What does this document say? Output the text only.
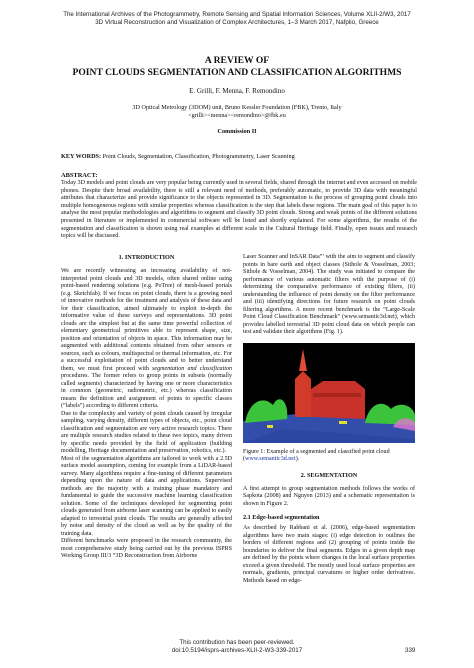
The International Archives of the Photogrammetry, Remote Sensing and Spatial Information Sciences, Volume XLII-2/W3, 2017
3D Virtual Reconstruction and Visualization of Complex Architectures, 1–3 March 2017, Nafplio, Greece
A REVIEW OF
POINT CLOUDS SEGMENTATION AND CLASSIFICATION ALGORITHMS
E. Grilli, F. Menna, F. Remondino
3D Optical Metrology (3DOM) unit, Bruno Kessler Foundation (FBK), Trento, Italy
<grilli><menna><remondino>@fbk.eu
Commission II
KEY WORDS: Point Clouds, Segmentation, Classification, Photogrammetry, Laser Scanning
ABSTRACT:
Today 3D models and point clouds are very popular being currently used in several fields, shared through the internet and even accessed on mobile phones. Despite their broad availability, there is still a relevant need of methods, preferably automatic, to provide 3D data with meaningful attributes that characterize and provide significance to the objects represented in 3D. Segmentation is the process of grouping point clouds into multiple homogeneous regions with similar properties whereas classification is the step that labels these regions. The main goal of this paper is to analyse the most popular methodologies and algorithms to segment and classify 3D point clouds. Strong and weak points of the different solutions presented in literature or implemented in commercial software will be listed and shortly explained. For some algorithms, the results of the segmentation and classification is shown using real examples at different scale in the Cultural Heritage field. Finally, open issues and research topics will be discussed.
1. INTRODUCTION

We are recently witnessing an increasing availability of not-interpreted point clouds and 3D models, often shared online using point-based rendering solutions (e.g. PoTree) of mesh-based portals (e.g. Sketchfab). If we focus on point clouds, there is a growing need of innovative methods for the treatment and analysis of these data and for their classification, aimed ultimately to exploit in-depth the informative value of these surveys and representations. 3D point clouds are the simplest but at the same time powerful collection of elementary geometrical primitives able to represent shape, size, position and orientation of objects in space. This information may be augmented with additional contents obtained from other sensors or sources, such as colours, multispectral or thermal information, etc. For a successful exploitation of point clouds and to better understand them, we must first proceed with segmentation and classification procedures. The former refers to group points in subsets (normally called segments) characterized by having one or more characteristics in common (geometric, radiometric, etc.) whereas classification means the definition and assignment of points to specific classes (“labels”) according to different criteria.

Due to the complexity and variety of point clouds caused by irregular sampling, varying density, different types of objects, etc., point cloud classification and segmentation are very active research topics. There are multiple research studies related to these two topics, many driven by specific needs provided by the field of application (building modelling, Heritage documentation and preservation, robotics, etc.).

Most of the segmentation algorithms are tailored to work with a 2.5D surface model assumption, coming for example from a LiDAR-based survey. Many algorithms require a fine-tuning of different parameters depending upon the nature of data and applications. Supervised methods are the majority with a training phase mandatory and fundamental to guide the successive machine learning classification solution. Some of the techniques developed for segmenting point clouds generated from airborne laser scanning can be applied to easily adapted to terrestrial point clouds. The results are generally affected by noise and density of the cloud as well as by the quality of the training data.

Different benchmarks were proposed in the research community, the most comprehensive study being carried out by the previous ISPRS Working Group III/3 “3D Reconstruction from Airborne

Laser Scanner and InSAR Data”’ with the aim to segment and classify points in bare earth and object classes (Sithole & Vosselman, 2003; Sithole & Vosselman, 2004). The study was initiated to compare the performance of various automatic filters with the purpose of (i) determining the comparative performance of existing filters, (ii) understanding the influence of point density on the filter performance and (iii) identifying directions for future research on point clouds filtering algorithms. A more recent benchmark is the “Large-Scale Point Cloud Classification Benchmark” (www.semantic3d.net), which provides labelled terrestrial 3D point cloud data on which people can test and validate their algorithms (Fig. 1).

Figure 1: Example of a segmented and classified point cloud (www.semantic3d.net).

2. SEGMENTATION

A first attempt to group segmentation methods follows the works of Sapkota (2008) and Nguyen (2013) and a schematic representation is shown in Figure 2.

2.1 Edge-based segmentation

As described by Rabbani et al. (2006), edge-based segmentation algorithms have two main stages: (i) edge detection to outlines the borders of different regions and (2) grouping of points inside the boundaries to deliver the final segments. Edges in a given depth map are defined by the points where changes in the local surface properties exceed a given threshold. The mostly used local surface properties are normals, gradients, principal curvatures or higher order derivatives. Methods based on edge-

This contribution has been peer-reviewed.
doi:10.5194/isprs-archives-XLII-2-W3-339-2017	339
